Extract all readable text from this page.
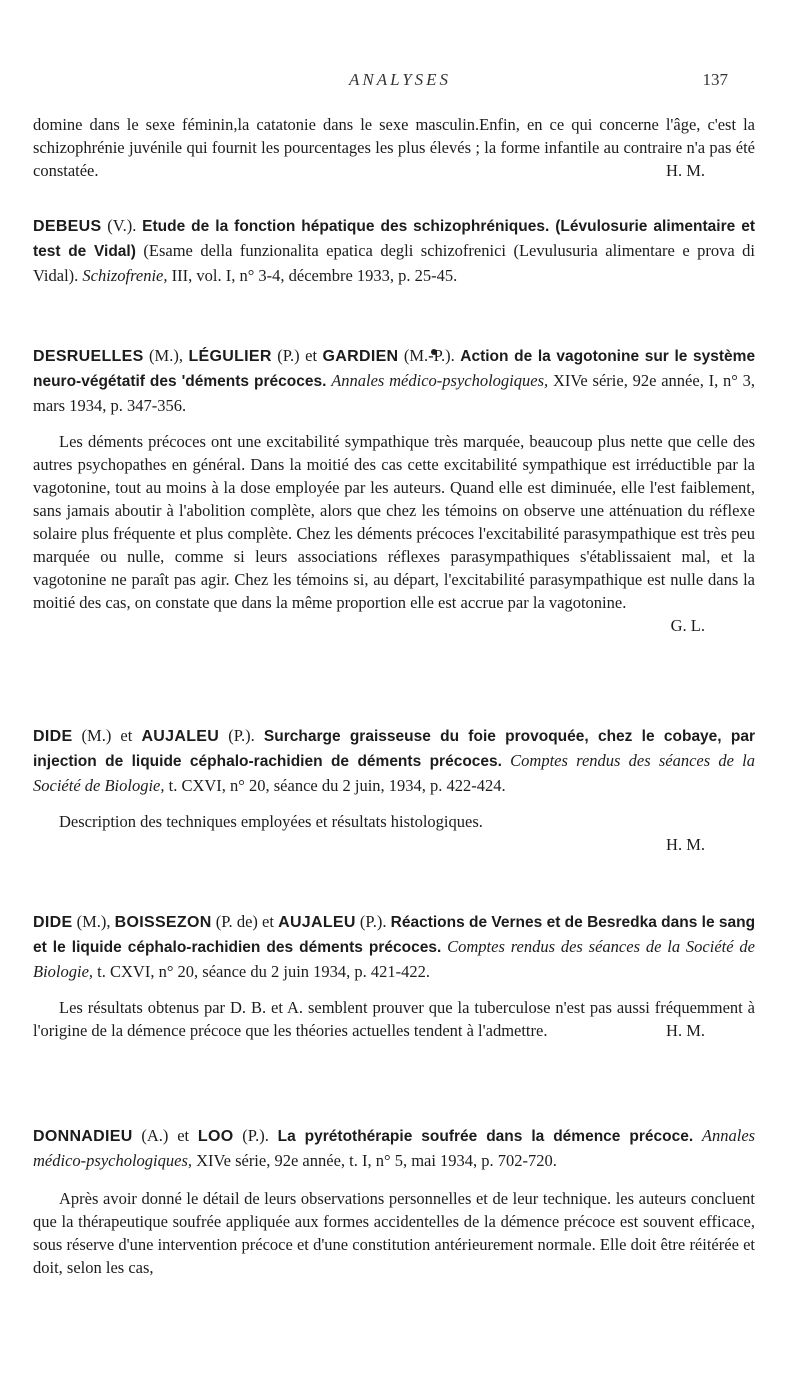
ANALYSES	137

domine dans le sexe féminin,la catatonie dans le sexe masculin.Enfin, en ce qui concerne l'âge, c'est la schizophrénie juvénile qui fournit les pourcentages les plus élevés ; la forme infantile au contraire n'a pas été constatée.	H. M.

DEBEUS (V.). Etude de la fonction hépatique des schizophréniques. (Lévulosurie alimentaire et test de Vidal) (Esame della funzionalita epatica degli schizofrenici (Levulusuria alimentare e prova di Vidal). Schizofrenie, III, vol. I, n° 3-4, décembre 1933, p. 25-45.

DESRUELLES (M.), LÉGULIER (P.) et GARDIEN (M.-P.). Action de la vagotonine sur le système neuro-végétatif des 'déments précoces. Annales médico-psychologiques, XIVe série, 92e année, I, n° 3, mars 1934, p. 347-356.

Les déments précoces ont une excitabilité sympathique très marquée, beaucoup plus nette que celle des autres psychopathes en général. Dans la moitié des cas cette excitabilité sympathique est irréductible par la vagotonine, tout au moins à la dose employée par les auteurs. Quand elle est diminuée, elle l'est faiblement, sans jamais aboutir à l'abolition complète, alors que chez les témoins on observe une atténuation du réflexe solaire plus fréquente et plus complète. Chez les déments précoces l'excitabilité parasympathique est très peu marquée ou nulle, comme si leurs associations réflexes parasympathiques s'établissaient mal, et la vagotonine ne paraît pas agir. Chez les témoins si, au départ, l'excitabilité parasympathique est nulle dans la moitié des cas, on constate que dans la même proportion elle est accrue par la vagotonine.

G. L.

DIDE (M.) et AUJALEU (P.). Surcharge graisseuse du foie provoquée, chez le cobaye, par injection de liquide céphalo-rachidien de déments précoces. Comptes rendus des séances de la Société de Biologie, t. CXVI, n° 20, séance du 2 juin, 1934, p. 422-424.

Description des techniques employées et résultats histologiques.

H. M.

DIDE (M.), BOISSEZON (P. de) et AUJALEU (P.). Réactions de Vernes et de Besredka dans le sang et le liquide céphalo-rachidien des déments précoces. Comptes rendus des séances de la Société de Biologie, t. CXVI, n° 20, séance du 2 juin 1934, p. 421-422.

Les résultats obtenus par D. B. et A. semblent prouver que la tuberculose n'est pas aussi fréquemment à l'origine de la démence précoce que les théories actuelles tendent à l'admettre.	H. M.

DONNADIEU (A.) et LOO (P.). La pyrétothérapie soufrée dans la démence précoce. Annales médico-psychologiques, XIVe série, 92e année, t. I, n° 5, mai 1934, p. 702-720.

Après avoir donné le détail de leurs observations personnelles et de leur technique. les auteurs concluent que la thérapeutique soufrée appliquée aux formes accidentelles de la démence précoce est souvent efficace, sous réserve d'une intervention précoce et d'une constitution antérieurement normale. Elle doit être réitérée et doit, selon les cas,
